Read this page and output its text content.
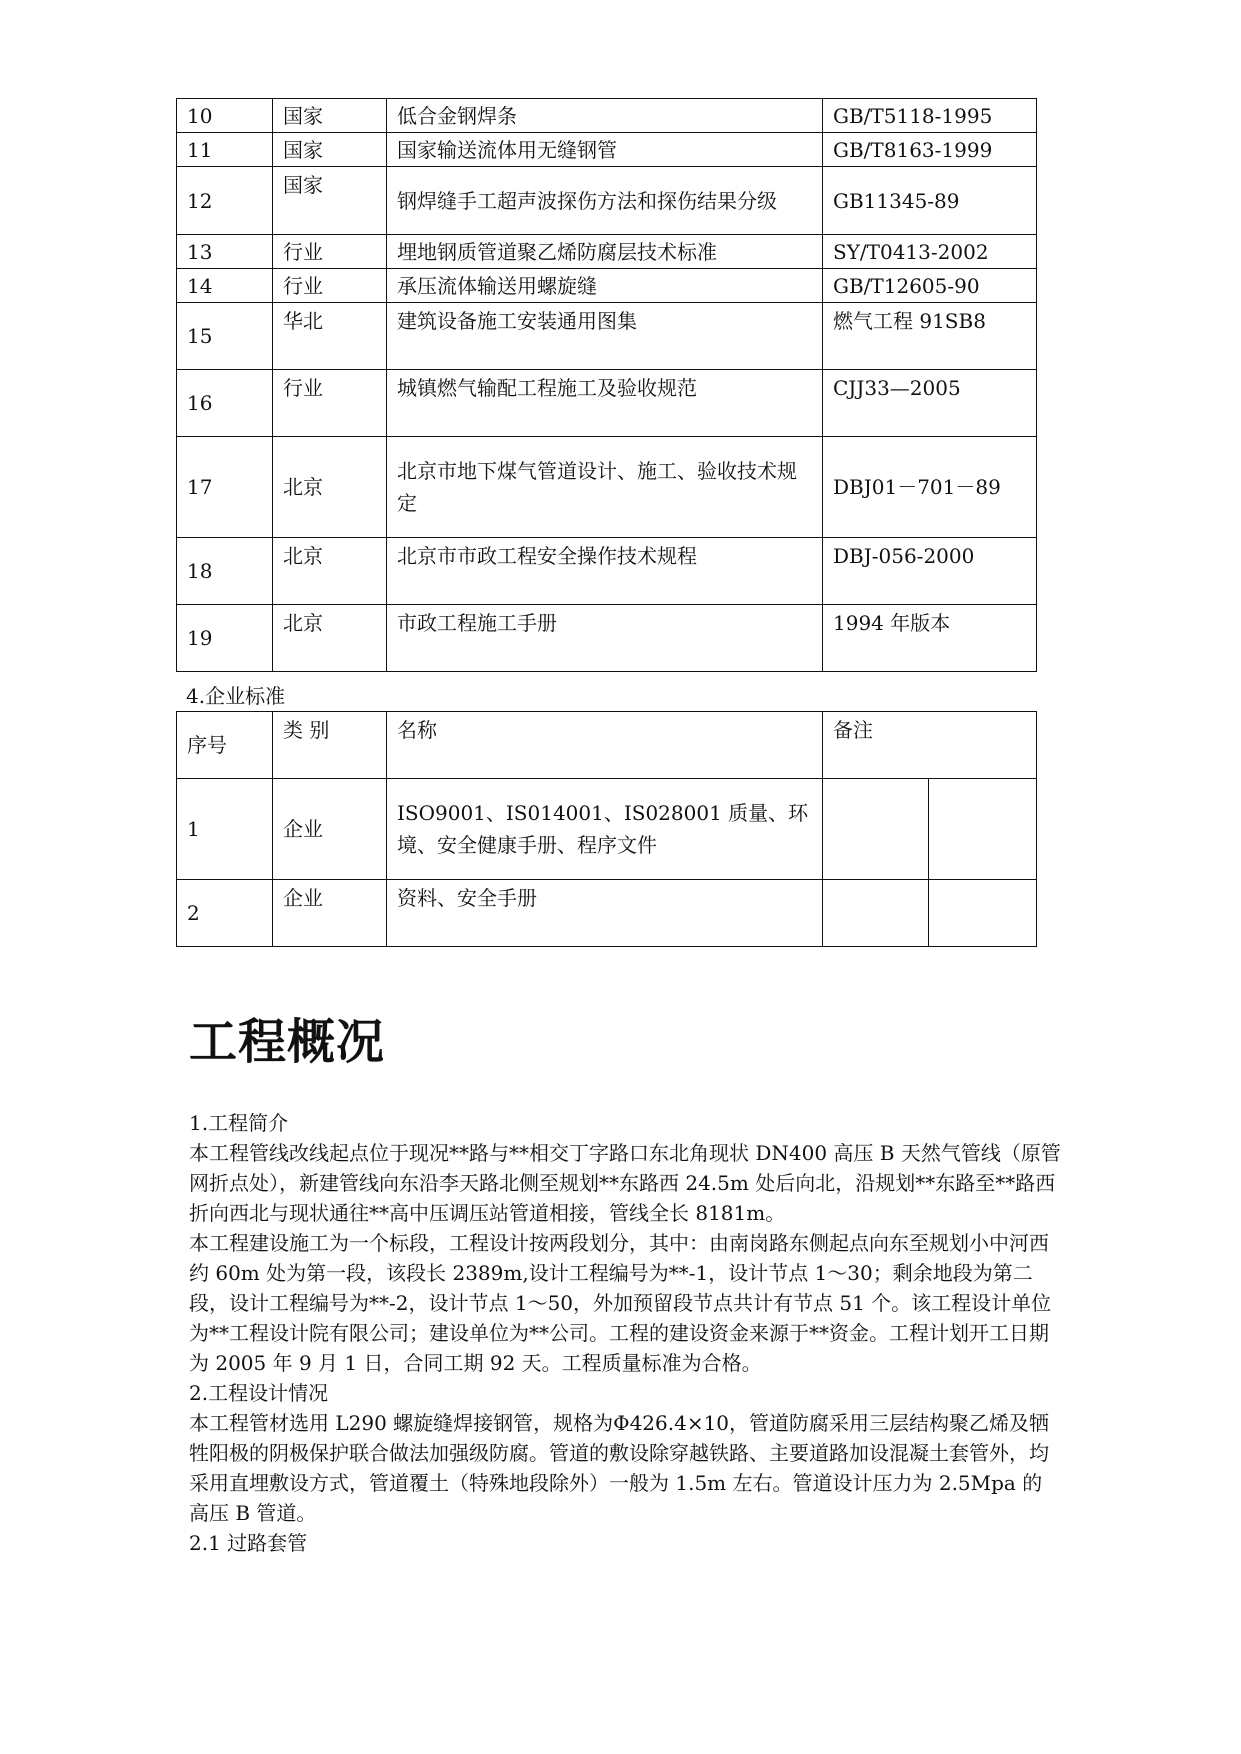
10	国家	低合金钢焊条	GB/T5118-1995
11	国家	国家输送流体用无缝钢管	GB/T8163-1999
12	国家	钢焊缝手工超声波探伤方法和探伤结果分级	GB11345-89
13	行业	埋地钢质管道聚乙烯防腐层技术标准	SY/T0413-2002
14	行业	承压流体输送用螺旋缝	GB/T12605-90
15	华北	建筑设备施工安装通用图集	燃气工程 91SB8
16	行业	城镇燃气输配工程施工及验收规范	CJJ33—2005
17	北京	北京市地下煤气管道设计、施工、验收技术规定	DBJ01－701－89
18	北京	北京市市政工程安全操作技术规程	DBJ-056-2000
19	北京	市政工程施工手册	1994 年版本
4.企业标准
序号	类 别	名称	备注	
1	企业	ISO9001、IS014001、IS028001 质量、环境、安全健康手册、程序文件		
2	企业	资料、安全手册		
工程概况

1.工程简介

本工程管线改线起点位于现况**路与**相交丁字路口东北角现状 DN400 高压 B 天然气管线（原管网折点处），新建管线向东沿李天路北侧至规划**东路西 24.5m 处后向北，沿规划**东路至**路西折向西北与现状通往**高中压调压站管道相接，管线全长 8181m。

本工程建设施工为一个标段，工程设计按两段划分，其中：由南岗路东侧起点向东至规划小中河西约 60m 处为第一段，该段长 2389m,设计工程编号为**-1，设计节点 1～30；剩余地段为第二段，设计工程编号为**-2，设计节点 1～50，外加预留段节点共计有节点 51 个。该工程设计单位为**工程设计院有限公司；建设单位为**公司。工程的建设资金来源于**资金。工程计划开工日期为 2005 年 9 月 1 日，合同工期 92 天。工程质量标准为合格。

2.工程设计情况

本工程管材选用 L290 螺旋缝焊接钢管，规格为Φ426.4×10，管道防腐采用三层结构聚乙烯及牺牲阳极的阴极保护联合做法加强级防腐。管道的敷设除穿越铁路、主要道路加设混凝土套管外，均采用直埋敷设方式，管道覆土（特殊地段除外）一般为 1.5m 左右。管道设计压力为 2.5Mpa 的高压 B 管道。

2.1 过路套管
